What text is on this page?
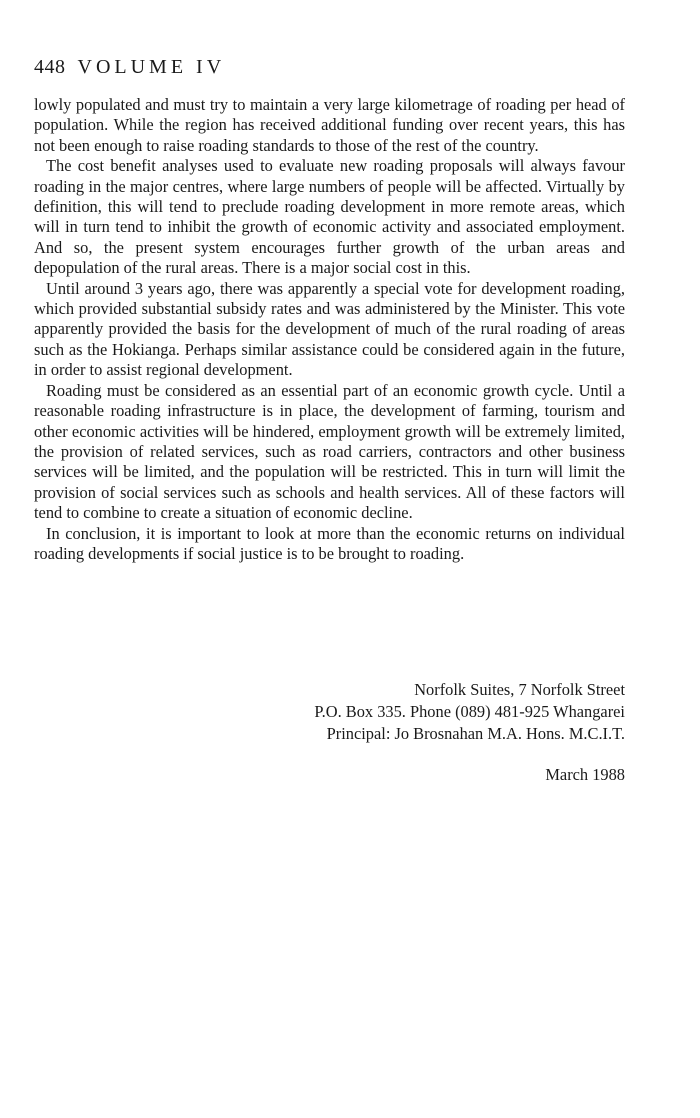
448 VOLUME IV

lowly populated and must try to maintain a very large kilometrage of roading per head of population. While the region has received additional funding over recent years, this has not been enough to raise roading standards to those of the rest of the country.

The cost benefit analyses used to evaluate new roading proposals will always favour roading in the major centres, where large numbers of people will be affected. Virtually by definition, this will tend to preclude roading development in more remote areas, which will in turn tend to inhibit the growth of economic activity and associated employment. And so, the present system encourages further growth of the urban areas and depopulation of the rural areas. There is a major social cost in this.

Until around 3 years ago, there was apparently a special vote for development roading, which provided substantial subsidy rates and was administered by the Minister. This vote apparently provided the basis for the development of much of the rural roading of areas such as the Hokianga. Perhaps similar assistance could be considered again in the future, in order to assist regional development.

Roading must be considered as an essential part of an economic growth cycle. Until a reasonable roading infrastructure is in place, the development of farming, tourism and other economic activities will be hindered, employment growth will be extremely limited, the provision of related services, such as road carriers, contractors and other business services will be limited, and the population will be restricted. This in turn will limit the provision of social services such as schools and health services. All of these factors will tend to combine to create a situation of economic decline.

In conclusion, it is important to look at more than the economic returns on individual roading developments if social justice is to be brought to roading.

Norfolk Suites, 7 Norfolk Street
P.O. Box 335. Phone (089) 481-925 Whangarei
Principal: Jo Brosnahan M.A. Hons. M.C.I.T.
March 1988
